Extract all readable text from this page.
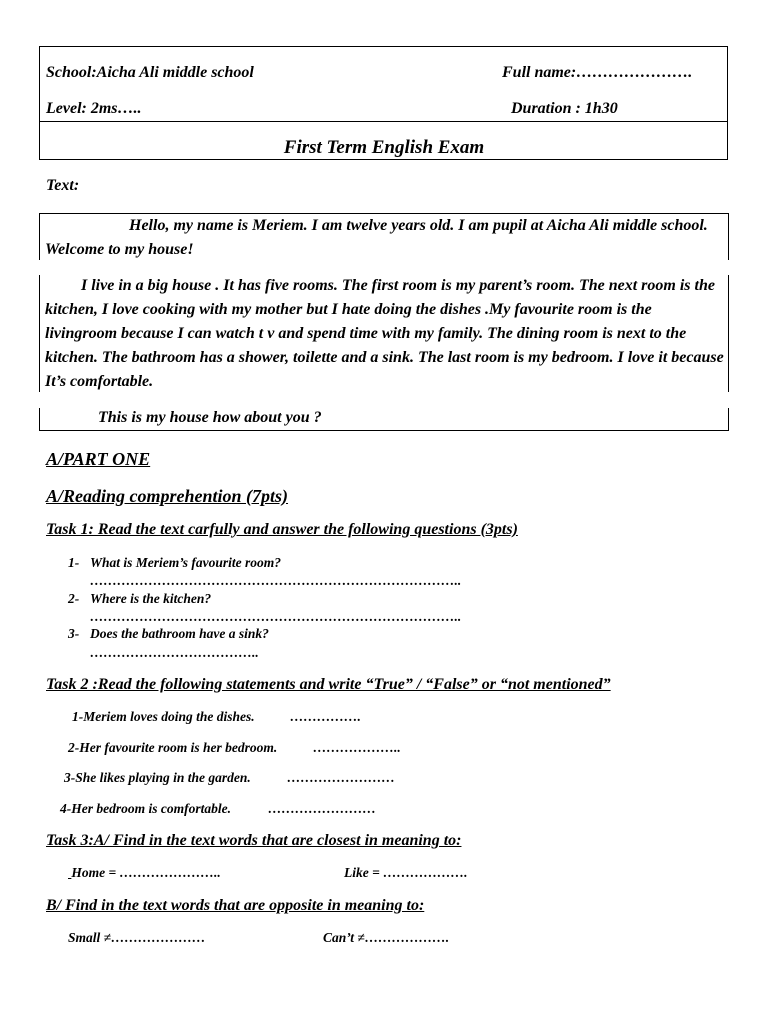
School:Aicha Ali middle school	Full name:………………….
Level: 2ms…..	Duration : 1h30
First Term English Exam
Text:
Hello, my name is Meriem. I am twelve years old. I am pupil at Aicha Ali middle school. Welcome to my house!
I live in a big house . It has five rooms. The first room is my parent’s room. The next room is the kitchen, I love cooking with my mother but I hate doing the dishes .My favourite room is the livingroom because I can watch t v and spend time with my family. The dining room is next to the kitchen. The bathroom has a shower, toilette and a sink. The last room is my bedroom. I love it because It’s comfortable.
This is my house how about you ?
A/PART ONE
A/Reading comprehention (7pts)
Task 1: Read the text carfully and answer the following questions (3pts)
1- What is Meriem’s favourite room?
………………………………………………………………………..
2- Where is the kitchen?
………………………………………………………………………..
3- Does the bathroom have a sink?
………………………………..
Task 2 :Read the following statements and write “True” / “False” or “not mentioned”
1-Meriem loves doing the dishes.	…………….
2-Her favourite room is her bedroom.	………………..
3-She likes playing in the garden.	……………………
4-Her bedroom is comfortable.	……………………
Task 3:A/ Find in the text words that are closest in meaning to:
Home = …………………..	Like = ……………….
B/ Find in the text words that are opposite in meaning to:
Small ≠…………………	Can’t ≠……………….
